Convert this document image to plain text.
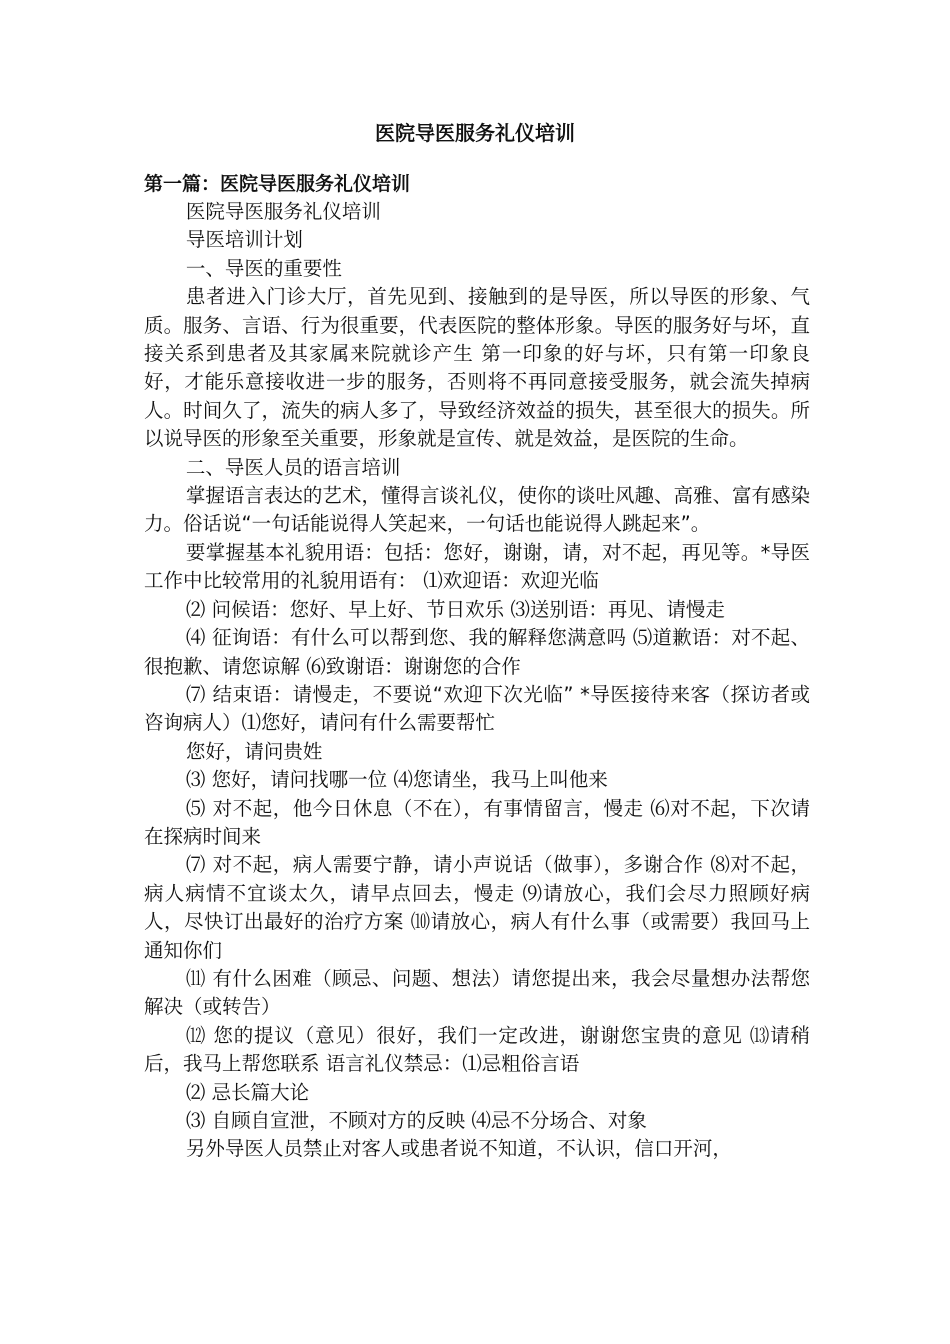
医院导医服务礼仪培训
第一篇：医院导医服务礼仪培训

医院导医服务礼仪培训

导医培训计划

一、导医的重要性

患者进入门诊大厅，首先见到、接触到的是导医，所以导医的形象、气质。服务、言语、行为很重要，代表医院的整体形象。导医的服务好与坏，直接关系到患者及其家属来院就诊产生 第一印象的好与坏，只有第一印象良好，才能乐意接收进一步的服务，否则将不再同意接受服务，就会流失掉病人。时间久了，流失的病人多了，导致经济效益的损失，甚至很大的损失。所以说导医的形象至关重要，形象就是宣传、就是效益，是医院的生命。

二、导医人员的语言培训

掌握语言表达的艺术，懂得言谈礼仪，使你的谈吐风趣、高雅、富有感染力。俗话说“一句话能说得人笑起来，一句话也能说得人跳起来”。

要掌握基本礼貌用语：包括：您好，谢谢，请，对不起，再见等。*导医工作中比较常用的礼貌用语有： ⑴欢迎语：欢迎光临

⑵ 问候语：您好、早上好、节日欢乐 ⑶送别语：再见、请慢走

⑷ 征询语：有什么可以帮到您、我的解释您满意吗 ⑸道歉语：对不起、很抱歉、请您谅解 ⑹致谢语：谢谢您的合作

⑺ 结束语：请慢走，不要说“欢迎下次光临” *导医接待来客（探访者或咨询病人）⑴您好，请问有什么需要帮忙

您好，请问贵姓

⑶ 您好，请问找哪一位 ⑷您请坐，我马上叫他来

⑸ 对不起，他今日休息（不在），有事情留言，慢走 ⑹对不起，下次请在探病时间来

⑺ 对不起，病人需要宁静，请小声说话（做事），多谢合作 ⑻对不起，病人病情不宜谈太久，请早点回去，慢走 ⑼请放心，我们会尽力照顾好病人，尽快订出最好的治疗方案 ⑽请放心，病人有什么事（或需要）我回马上通知你们

⑾ 有什么困难（顾忌、问题、想法）请您提出来，我会尽量想办法帮您解决（或转告）

⑿ 您的提议（意见）很好，我们一定改进，谢谢您宝贵的意见 ⒀请稍后，我马上帮您联系 语言礼仪禁忌：⑴忌粗俗言语

⑵ 忌长篇大论

⑶ 自顾自宣泄，不顾对方的反映 ⑷忌不分场合、对象

另外导医人员禁止对客人或患者说不知道，不认识，信口开河，
